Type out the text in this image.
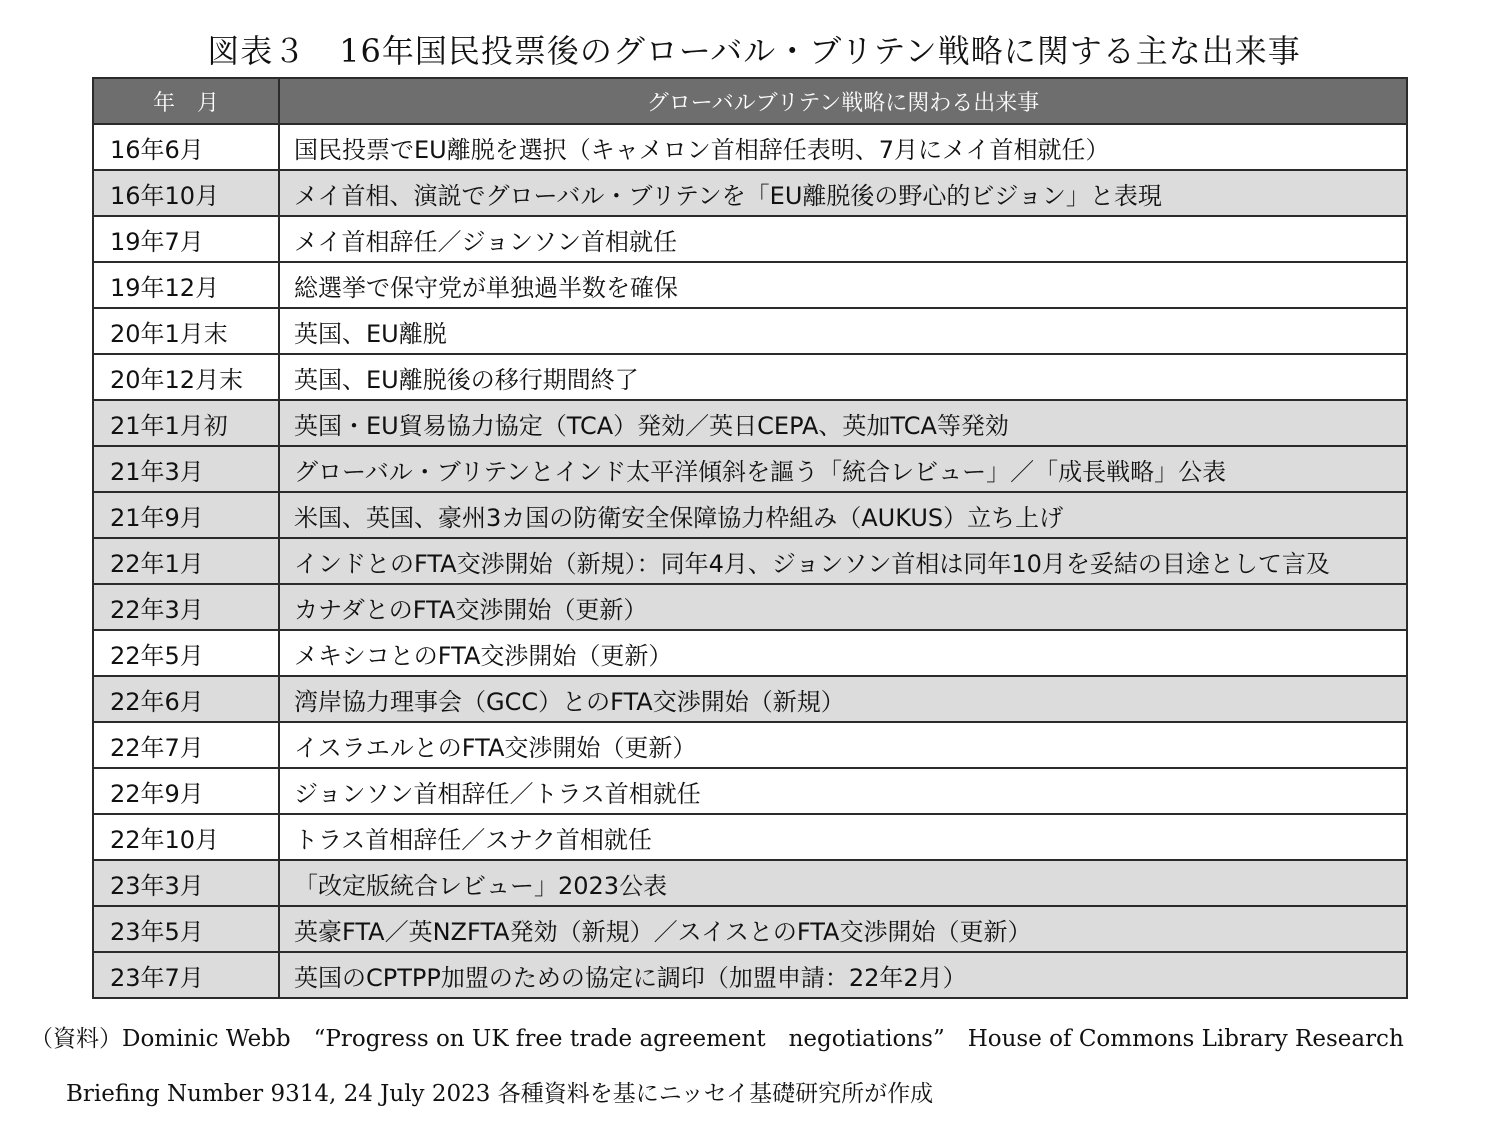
図表３　16年国民投票後のグローバル・ブリテン戦略に関する主な出来事
年　月	グローバルブリテン戦略に関わる出来事
16年6月	国民投票でEU離脱を選択（キャメロン首相辞任表明、7月にメイ首相就任）
16年10月	メイ首相、演説でグローバル・ブリテンを「EU離脱後の野心的ビジョン」と表現
19年7月	メイ首相辞任／ジョンソン首相就任
19年12月	総選挙で保守党が単独過半数を確保
20年1月末	英国、EU離脱
20年12月末	英国、EU離脱後の移行期間終了
21年1月初	英国・EU貿易協力協定（TCA）発効／英日CEPA、英加TCA等発効
21年3月	グローバル・ブリテンとインド太平洋傾斜を謳う「統合レビュー」／「成長戦略」公表
21年9月	米国、英国、豪州3カ国の防衛安全保障協力枠組み（AUKUS）立ち上げ
22年1月	インドとのFTA交渉開始（新規）：同年4月、ジョンソン首相は同年10月を妥結の目途として言及
22年3月	カナダとのFTA交渉開始（更新）
22年5月	メキシコとのFTA交渉開始（更新）
22年6月	湾岸協力理事会（GCC）とのFTA交渉開始（新規）
22年7月	イスラエルとのFTA交渉開始（更新）
22年9月	ジョンソン首相辞任／トラス首相就任
22年10月	トラス首相辞任／スナク首相就任
23年3月	「改定版統合レビュー」2023公表
23年5月	英豪FTA／英NZFTA発効（新規）／スイスとのFTA交渉開始（更新）
23年7月	英国のCPTPP加盟のための協定に調印（加盟申請：22年2月）
（資料）Dominic Webb　“Progress on UK free trade agreement　negotiations”　House of Commons Library Research
Briefing Number 9314, 24 July 2023 各種資料を基にニッセイ基礎研究所が作成
